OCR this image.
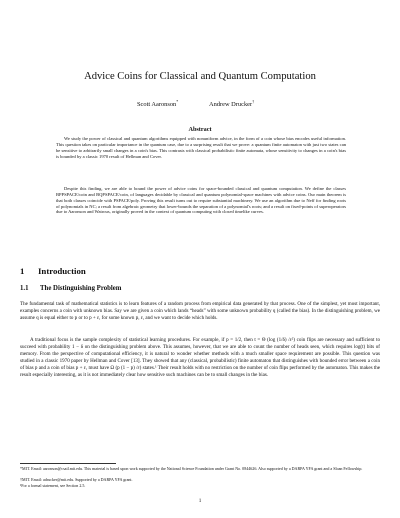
Advice Coins for Classical and Quantum Computation
Scott Aaronson*	Andrew Drucker†
Abstract
We study the power of classical and quantum algorithms equipped with nonuniform advice, in the form of a coin whose bias encodes useful information. This question takes on particular importance in the quantum case, due to a surprising result that we prove: a quantum finite automaton with just two states can be sensitive to arbitrarily small changes in a coin's bias. This contrasts with classical probabilistic finite automata, whose sensitivity to changes in a coin's bias is bounded by a classic 1970 result of Hellman and Cover.
Despite this finding, we are able to bound the power of advice coins for space-bounded classical and quantum computation. We define the classes BPPSPACE/coin and BQPSPACE/coin, of languages decidable by classical and quantum polynomial-space machines with advice coins. Our main theorem is that both classes coincide with PSPACE/poly. Proving this result turns out to require substantial machinery. We use an algorithm due to Neff for finding roots of polynomials in NC; a result from algebraic geometry that lower-bounds the separation of a polynomial's roots; and a result on fixed-points of superoperators due to Aaronson and Watrous, originally proved in the context of quantum computing with closed timelike curves.
1 Introduction
1.1 The Distinguishing Problem
The fundamental task of mathematical statistics is to learn features of a random process from empirical data generated by that process. One of the simplest, yet most important, examples concerns a coin with unknown bias. Say we are given a coin which lands “heads” with some unknown probability q (called the bias). In the distinguishing problem, we assume q is equal either to p or to p + ε, for some known p, ε, and we want to decide which holds.
A traditional focus is the sample complexity of statistical learning procedures. For example, if p = 1/2, then t = Θ (log (1/δ) /ε²) coin flips are necessary and sufficient to succeed with probability 1 − δ on the distinguishing problem above. This assumes, however, that we are able to count the number of heads seen, which requires log(t) bits of memory. From the perspective of computational efficiency, it is natural to wonder whether methods with a much smaller space requirement are possible. This question was studied in a classic 1970 paper by Hellman and Cover [13]. They showed that any (classical, probabilistic) finite automaton that distinguishes with bounded error between a coin of bias p and a coin of bias p + ε, must have Ω (p (1 − p) /ε) states.¹ Their result holds with no restriction on the number of coin flips performed by the automaton. This makes the result especially interesting, as it is not immediately clear how sensitive such machines can be to small changes in the bias.
*MIT. Email: aaronson@csail.mit.edu. This material is based upon work supported by the National Science Foundation under Grant No. 0844626. Also supported by a DARPA YFA grant and a Sloan Fellowship.
†MIT. Email: adrucker@mit.edu. Supported by a DARPA YFA grant.
¹For a formal statement, see Section 2.5.
1
